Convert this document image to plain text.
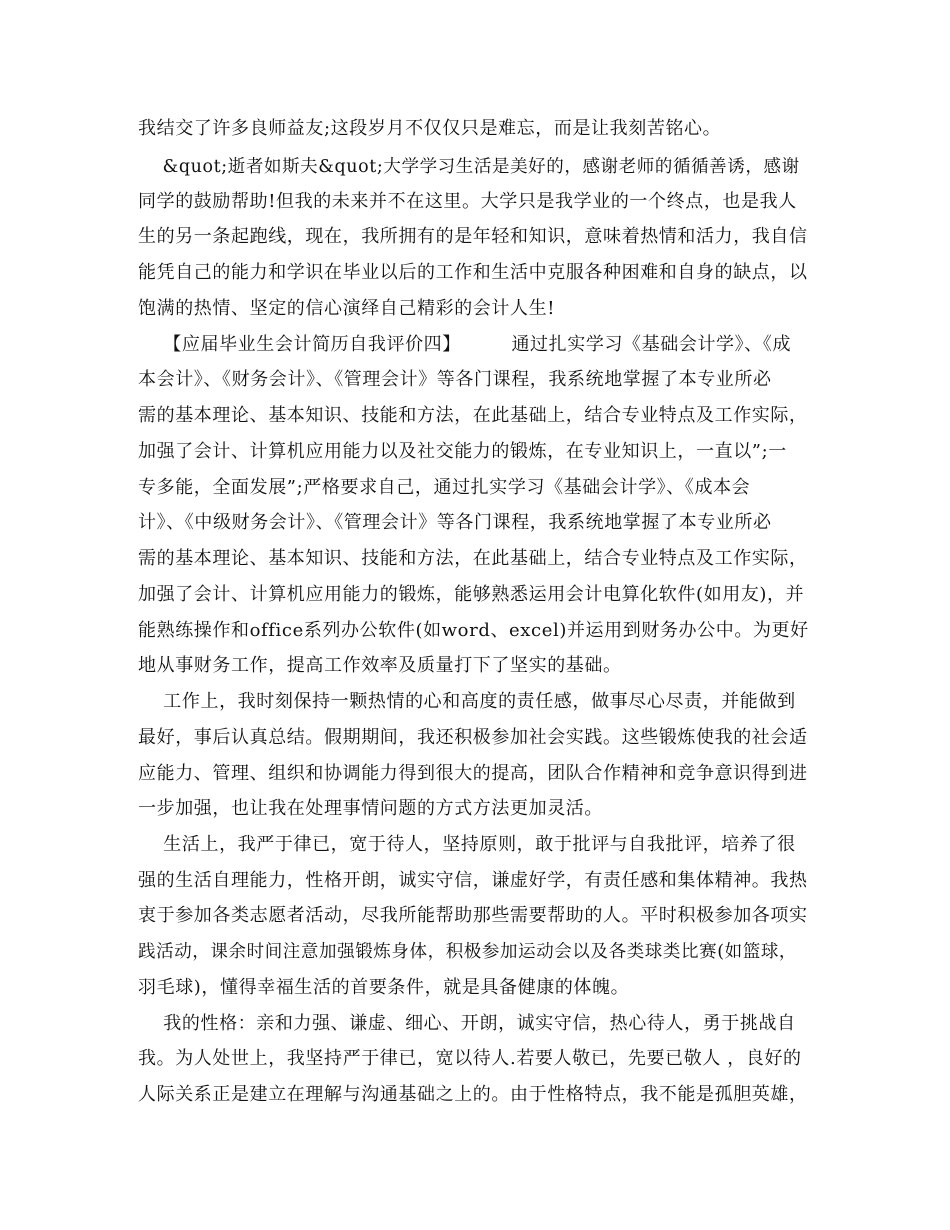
我结交了许多良师益友;这段岁月不仅仅只是难忘，而是让我刻苦铭心。
&quot;逝者如斯夫&quot;大学学习生活是美好的，感谢老师的循循善诱，感谢
同学的鼓励帮助!但我的未来并不在这里。大学只是我学业的一个终点，也是我人
生的另一条起跑线，现在，我所拥有的是年轻和知识，意味着热情和活力，我自信
能凭自己的能力和学识在毕业以后的工作和生活中克服各种困难和自身的缺点，以
饱满的热情、坚定的信心演绎自己精彩的会计人生!
【应届毕业生会计简历自我评价四】        通过扎实学习《基础会计学》、《成
本会计》、《财务会计》、《管理会计》等各门课程，我系统地掌握了本专业所必
需的基本理论、基本知识、技能和方法，在此基础上，结合专业特点及工作实际，
加强了会计、计算机应用能力以及社交能力的锻炼，在专业知识上，一直以”;一
专多能，全面发展”;严格要求自己，通过扎实学习《基础会计学》、《成本会
计》、《中级财务会计》、《管理会计》等各门课程，我系统地掌握了本专业所必
需的基本理论、基本知识、技能和方法，在此基础上，结合专业特点及工作实际，
加强了会计、计算机应用能力的锻炼，能够熟悉运用会计电算化软件(如用友)，并
能熟练操作和office系列办公软件(如word、excel)并运用到财务办公中。为更好
地从事财务工作，提高工作效率及质量打下了坚实的基础。
工作上，我时刻保持一颗热情的心和高度的责任感，做事尽心尽责，并能做到
最好，事后认真总结。假期期间，我还积极参加社会实践。这些锻炼使我的社会适
应能力、管理、组织和协调能力得到很大的提高，团队合作精神和竞争意识得到进
一步加强，也让我在处理事情问题的方式方法更加灵活。
生活上，我严于律已，宽于待人，坚持原则，敢于批评与自我批评，培养了很
强的生活自理能力，性格开朗，诚实守信，谦虚好学，有责任感和集体精神。我热
衷于参加各类志愿者活动，尽我所能帮助那些需要帮助的人。平时积极参加各项实
践活动，课余时间注意加强锻炼身体，积极参加运动会以及各类球类比赛(如篮球，
羽毛球)，懂得幸福生活的首要条件，就是具备健康的体魄。
我的性格：亲和力强、谦虚、细心、开朗，诚实守信，热心待人，勇于挑战自
我。为人处世上，我坚持严于律已，宽以待人.若要人敬已，先要已敬人 ，良好的
人际关系正是建立在理解与沟通基础之上的。由于性格特点，我不能是孤胆英雄，
